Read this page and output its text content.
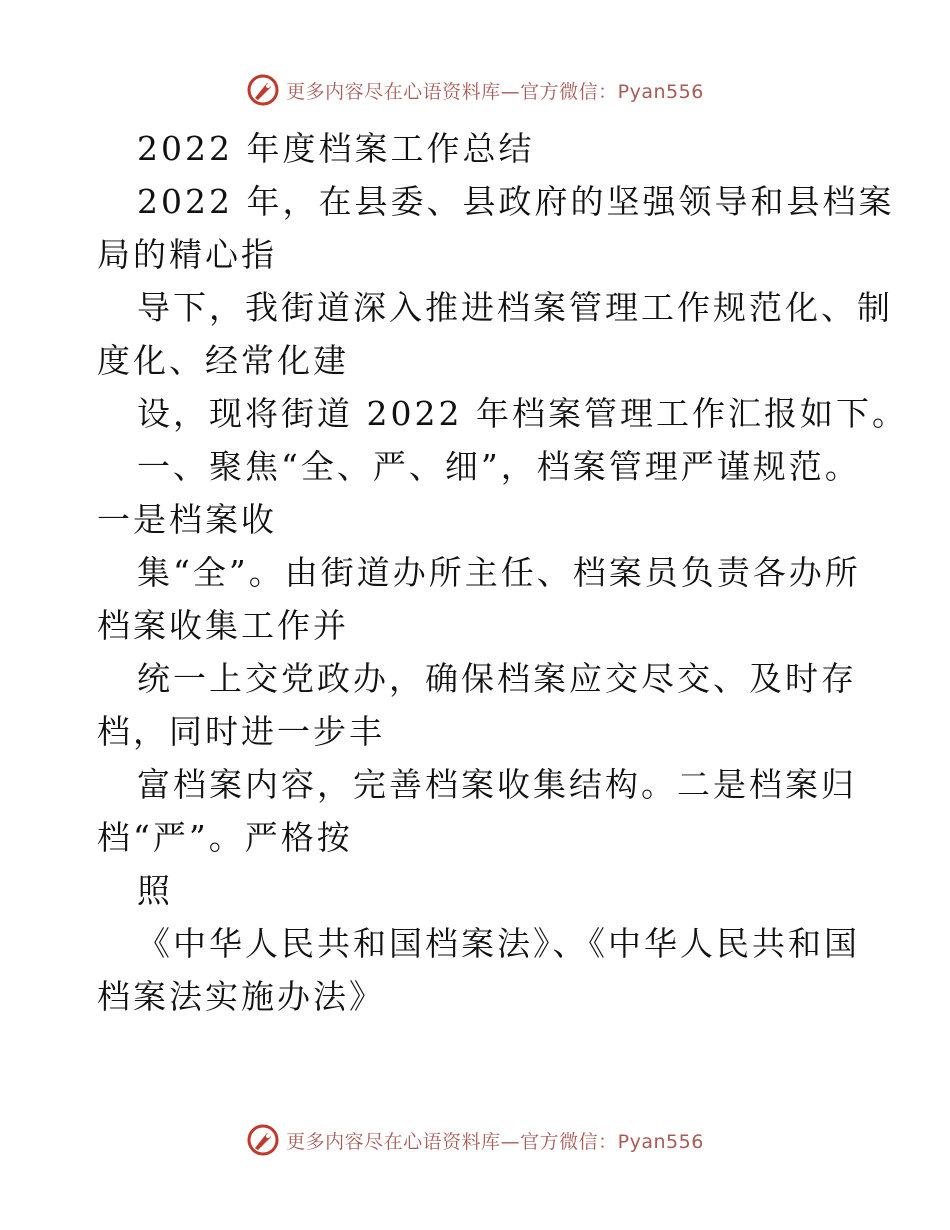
更多内容尽在心语资料库—官方微信：Pyan556
2022 年度档案工作总结
2022 年，在县委、县政府的坚强领导和县档案
局的精心指
导下，我街道深入推进档案管理工作规范化、制
度化、经常化建
设，现将街道 2022 年档案管理工作汇报如下。
一、聚焦“全、严、细”，档案管理严谨规范。
一是档案收
集“全”。由街道办所主任、档案员负责各办所
档案收集工作并
统一上交党政办，确保档案应交尽交、及时存
档，同时进一步丰
富档案内容，完善档案收集结构。二是档案归
档“严”。严格按
照
《中华人民共和国档案法》、《中华人民共和国
档案法实施办法》
更多内容尽在心语资料库—官方微信：Pyan556
